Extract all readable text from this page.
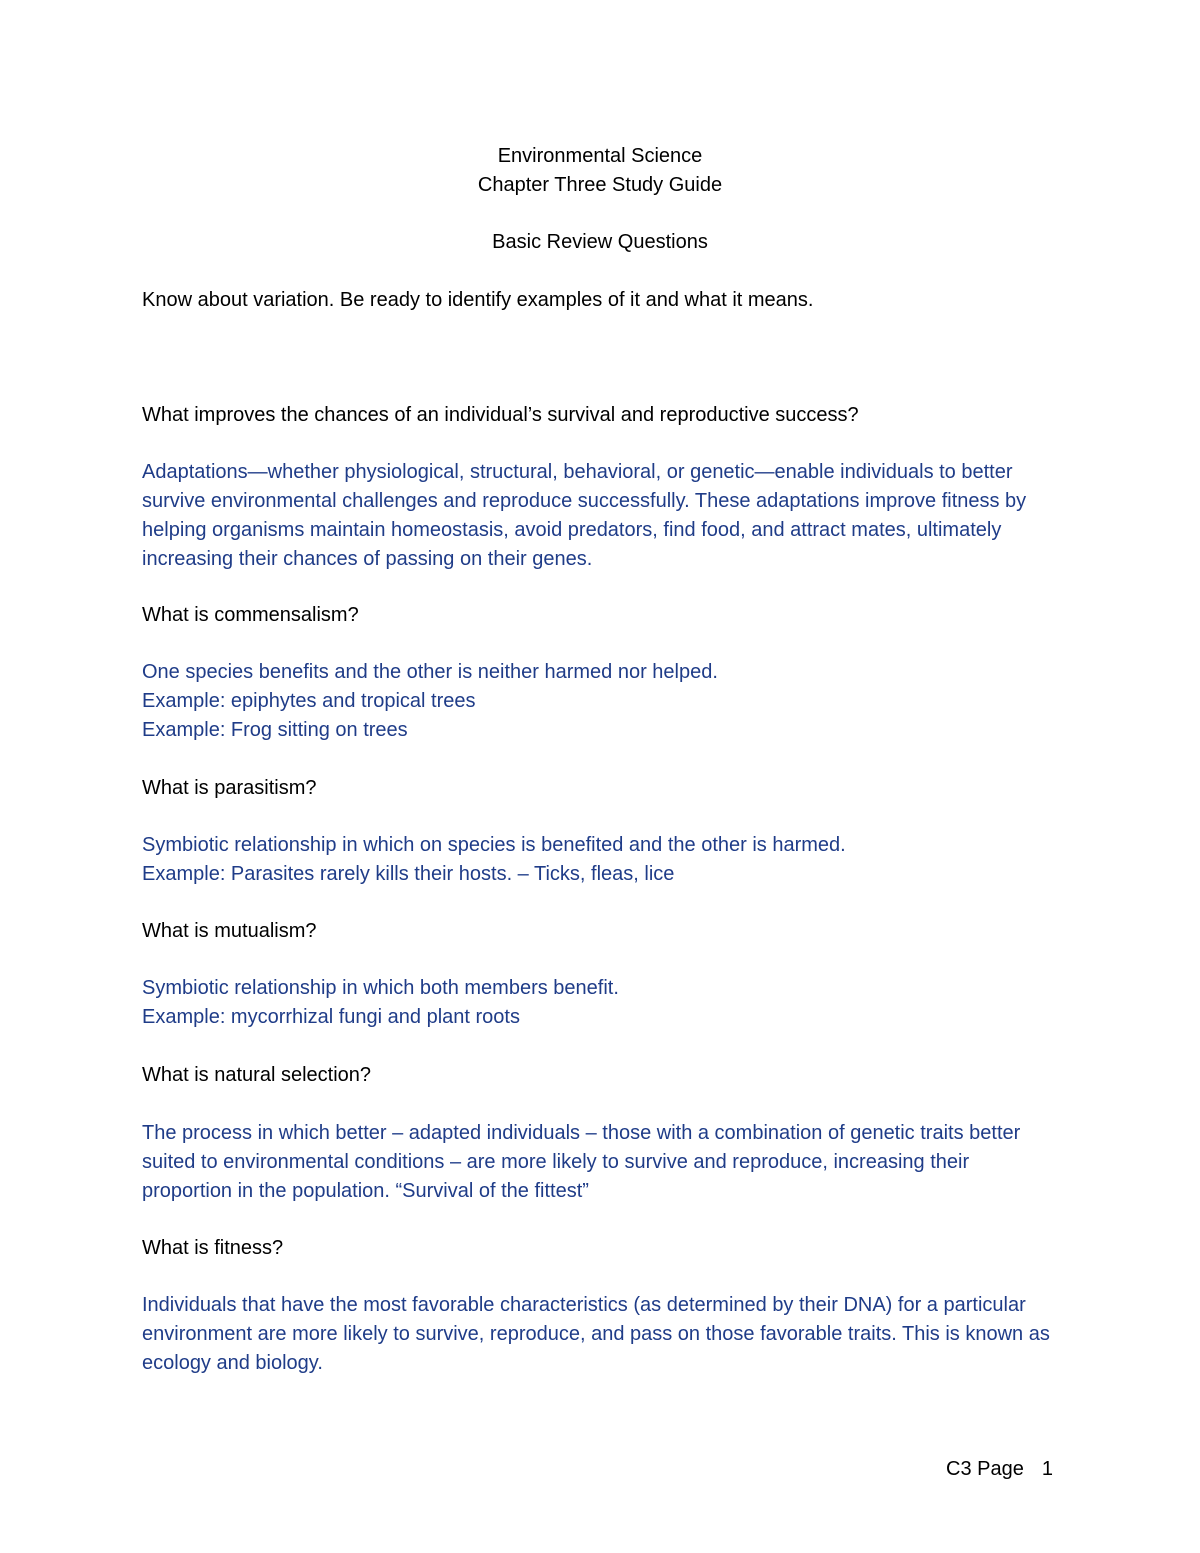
Environmental Science
Chapter Three Study Guide
Basic Review Questions
Know about variation. Be ready to identify examples of it and what it means.
What improves the chances of an individual’s survival and reproductive success?

Adaptations—whether physiological, structural, behavioral, or genetic—enable individuals to better survive environmental challenges and reproduce successfully. These adaptations improve fitness by helping organisms maintain homeostasis, avoid predators, find food, and attract mates, ultimately increasing their chances of passing on their genes.

What is commensalism?

One species benefits and the other is neither harmed nor helped.

Example: epiphytes and tropical trees

Example: Frog sitting on trees

What is parasitism?

Symbiotic relationship in which on species is benefited and the other is harmed.

Example: Parasites rarely kills their hosts. – Ticks, fleas, lice

What is mutualism?

Symbiotic relationship in which both members benefit.

Example: mycorrhizal fungi and plant roots

What is natural selection?

The process in which better – adapted individuals – those with a combination of genetic traits better suited to environmental conditions – are more likely to survive and reproduce, increasing their proportion in the population. “Survival of the fittest”

What is fitness?

Individuals that have the most favorable characteristics (as determined by their DNA) for a particular environment are more likely to survive, reproduce, and pass on those favorable traits. This is known as ecology and biology.

C3 Page 1
